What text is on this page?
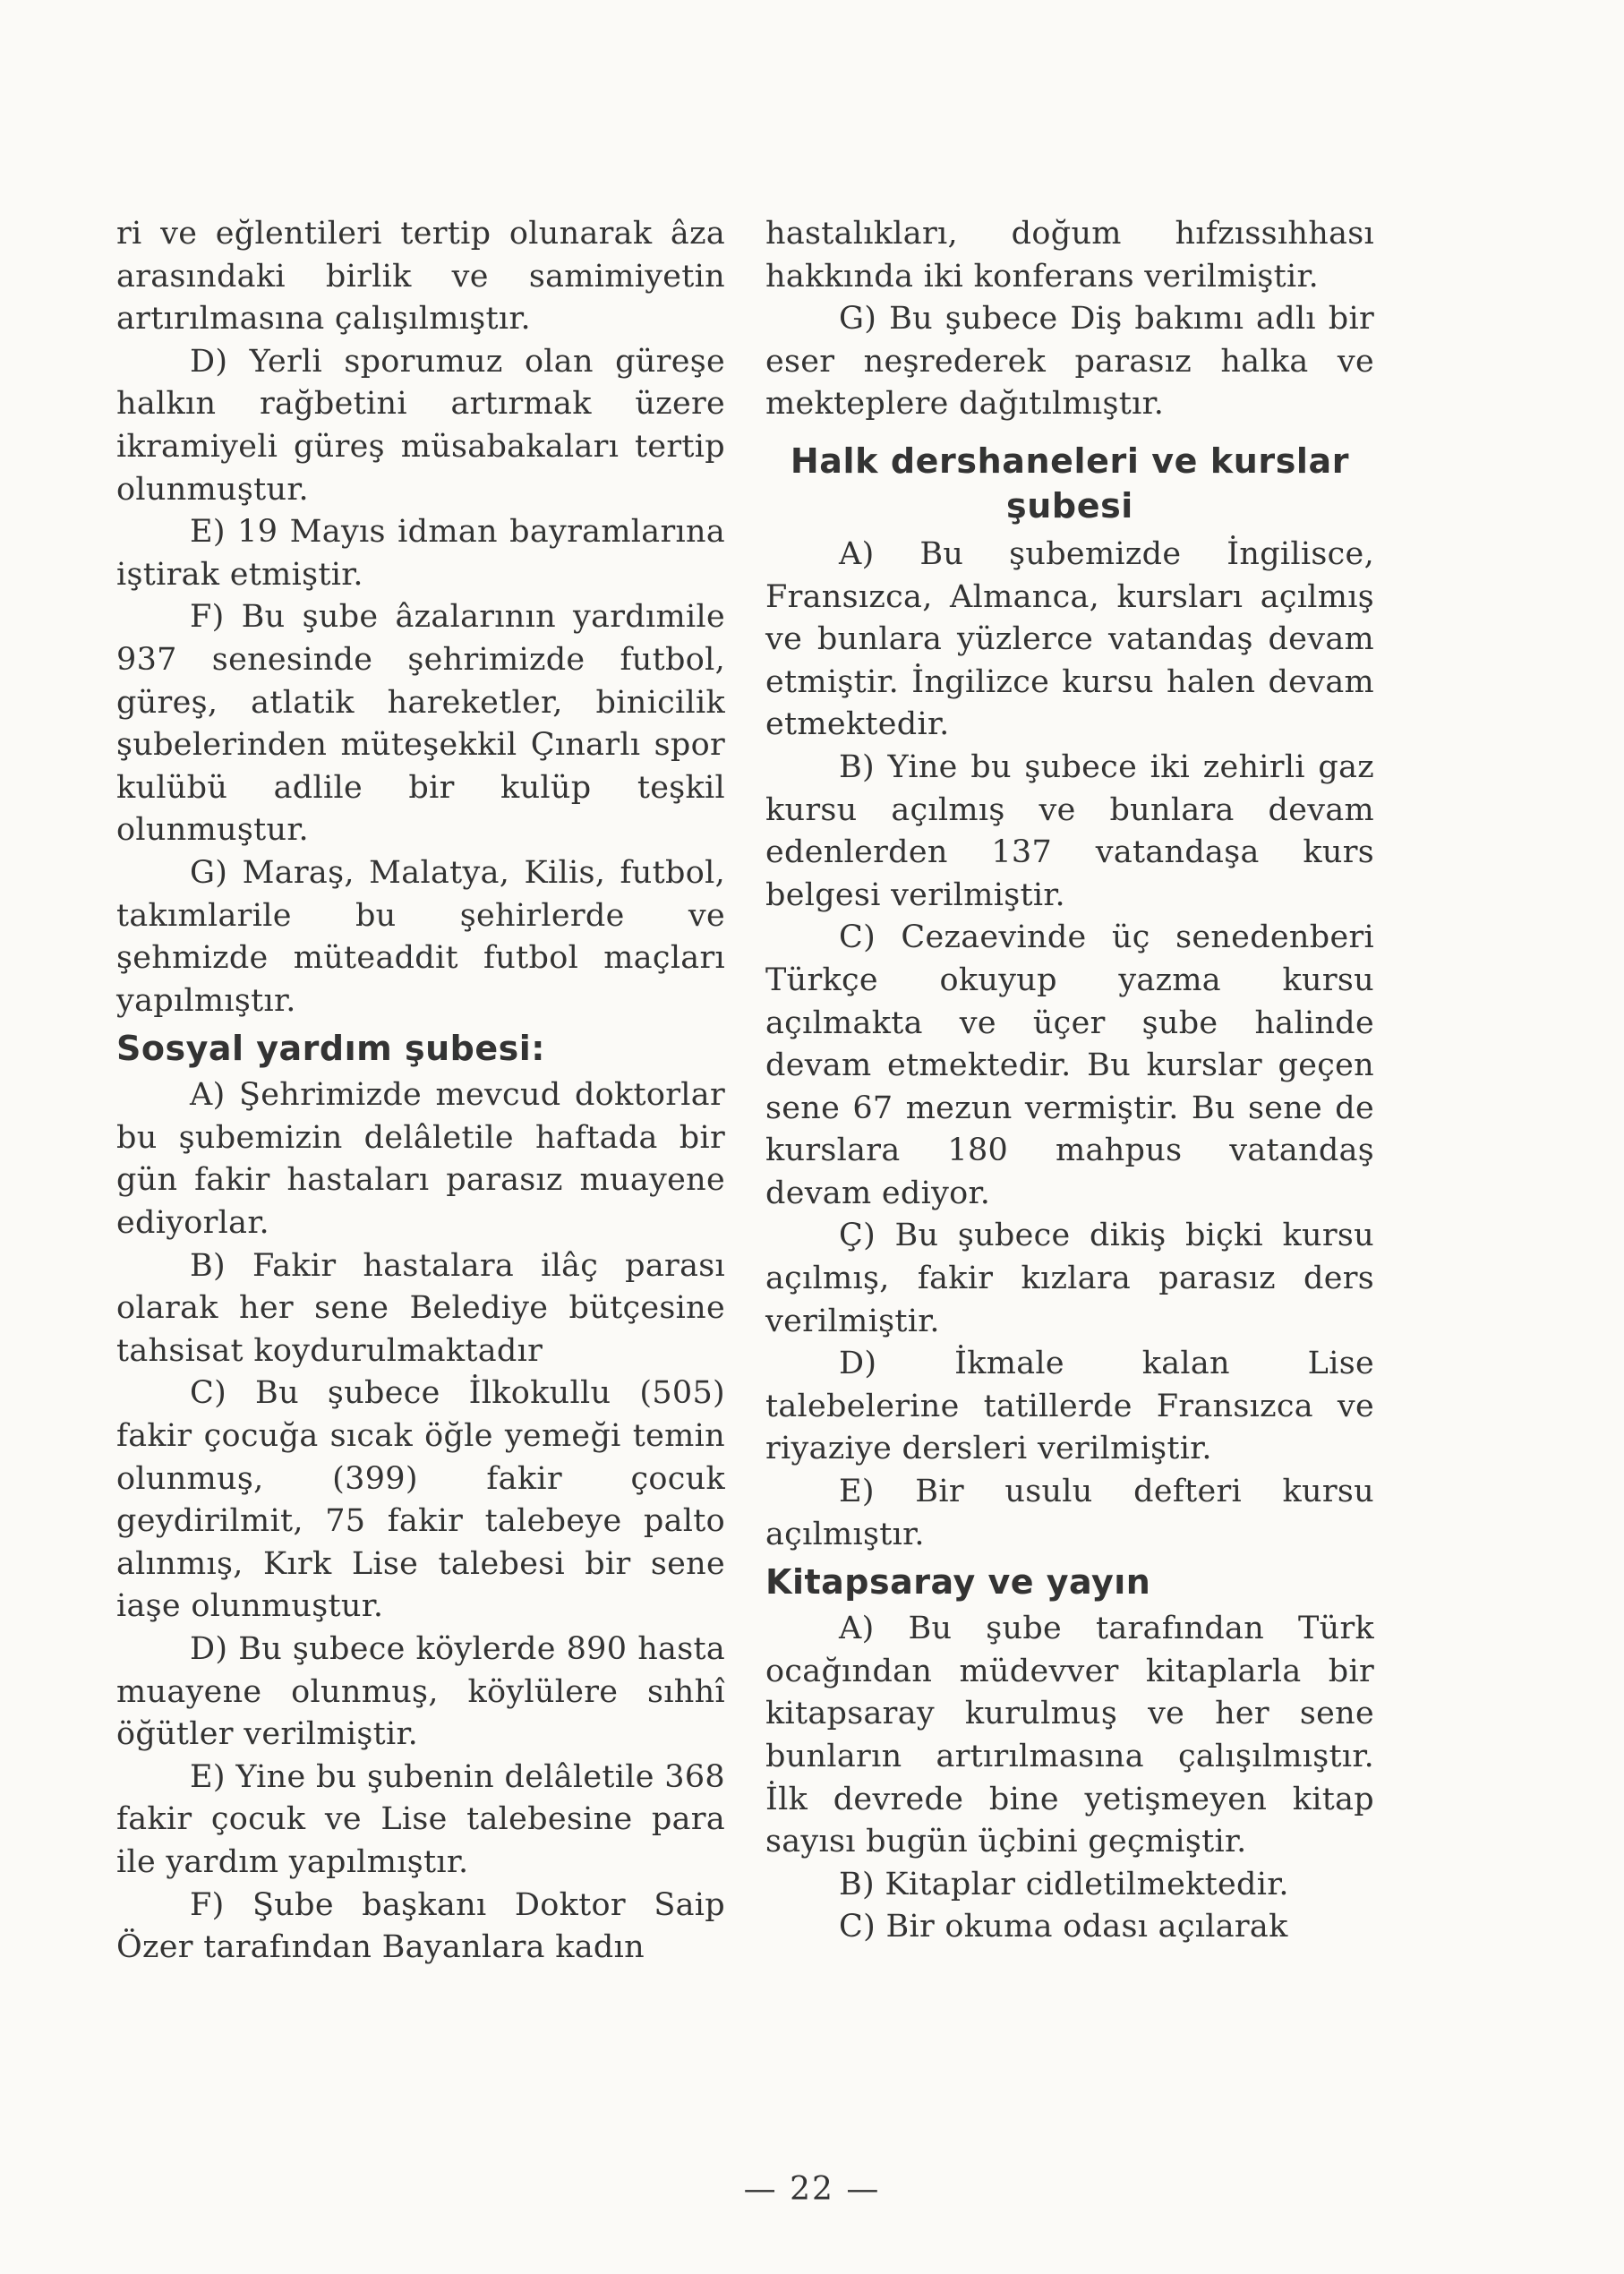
ri ve eğlentileri tertip olunarak âza arasındaki birlik ve samimiyetin artırılmasına çalışılmıştır.

D) Yerli sporumuz olan güreşe halkın rağbetini artırmak üzere ikramiyeli güreş müsabakaları tertip olunmuştur.

E) 19 Mayıs idman bayramlarına iştirak etmiştir.

F) Bu şube âzalarının yardımile 937 senesinde şehrimizde futbol, güreş, atlatik hareketler, binicilik şubelerinden müteşekkil Çınarlı spor kulübü adlile bir kulüp teşkil olunmuştur.

G) Maraş, Malatya, Kilis, futbol, takımlarile bu şehirlerde ve şehmizde müteaddit futbol maçları yapılmıştır.

Sosyal yardım şubesi:

A) Şehrimizde mevcud doktorlar bu şubemizin delâletile haftada bir gün fakir hastaları parasız muayene ediyorlar.

B) Fakir hastalara ilâç parası olarak her sene Belediye bütçesine tahsisat koydurulmaktadır

C) Bu şubece İlkokullu (505) fakir çocuğa sıcak öğle yemeği temin olunmuş, (399) fakir çocuk geydirilmit, 75 fakir talebeye palto alınmış, Kırk Lise talebesi bir sene iaşe olunmuştur.

D) Bu şubece köylerde 890 hasta muayene olunmuş, köylülere sıhhî öğütler verilmiştir.

E) Yine bu şubenin delâletile 368 fakir çocuk ve Lise talebesine para ile yardım yapılmıştır.

F) Şube başkanı Doktor Saip Özer tarafından Bayanlara kadın

hastalıkları, doğum hıfzıssıhhası hakkında iki konferans verilmiştir.

G) Bu şubece Diş bakımı adlı bir eser neşrederek parasız halka ve mekteplere dağıtılmıştır.

Halk dershaneleri ve kurslar şubesi

A) Bu şubemizde İngilisce, Fransızca, Almanca, kursları açılmış ve bunlara yüzlerce vatandaş devam etmiştir. İngilizce kursu halen devam etmektedir.

B) Yine bu şubece iki zehirli gaz kursu açılmış ve bunlara devam edenlerden 137 vatandaşa kurs belgesi verilmiştir.

C) Cezaevinde üç senedenberi Türkçe okuyup yazma kursu açılmakta ve üçer şube halinde devam etmektedir. Bu kurslar geçen sene 67 mezun vermiştir. Bu sene de kurslara 180 mahpus vatandaş devam ediyor.

Ç) Bu şubece dikiş biçki kursu açılmış, fakir kızlara parasız ders verilmiştir.

D) İkmale kalan Lise talebelerine tatillerde Fransızca ve riyaziye dersleri verilmiştir.

E) Bir usulu defteri kursu açılmıştır.

Kitapsaray ve yayın

A) Bu şube tarafından Türk ocağından müdevver kitaplarla bir kitapsaray kurulmuş ve her sene bunların artırılmasına çalışılmıştır. İlk devrede bine yetişmeyen kitap sayısı bugün üçbini geçmiştir.

B) Kitaplar cidletilmektedir.

C) Bir okuma odası açılarak

— 22 —
